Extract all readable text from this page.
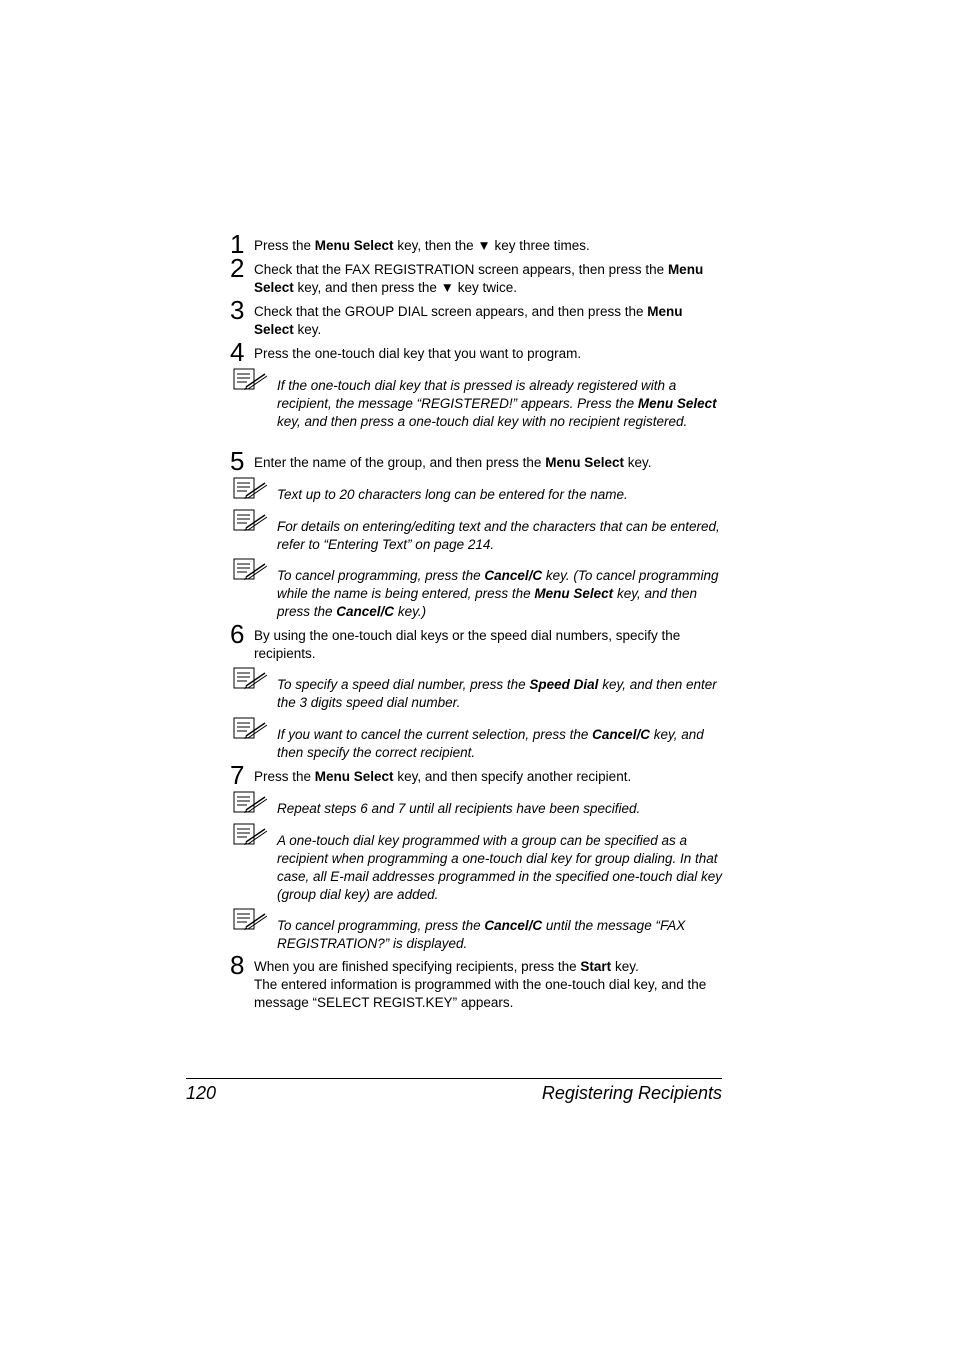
1 Press the Menu Select key, then the ▼ key three times.
2 Check that the FAX REGISTRATION screen appears, then press the Menu Select key, and then press the ▼ key twice.
3 Check that the GROUP DIAL screen appears, and then press the Menu Select key.
4 Press the one-touch dial key that you want to program.
If the one-touch dial key that is pressed is already registered with a recipient, the message “REGISTERED!” appears. Press the Menu Select key, and then press a one-touch dial key with no recipient registered.
5 Enter the name of the group, and then press the Menu Select key.
Text up to 20 characters long can be entered for the name.
For details on entering/editing text and the characters that can be entered, refer to “Entering Text” on page 214.
To cancel programming, press the Cancel/C key. (To cancel programming while the name is being entered, press the Menu Select key, and then press the Cancel/C key.)
6 By using the one-touch dial keys or the speed dial numbers, specify the recipients.
To specify a speed dial number, press the Speed Dial key, and then enter the 3 digits speed dial number.
If you want to cancel the current selection, press the Cancel/C key, and then specify the correct recipient.
7 Press the Menu Select key, and then specify another recipient.
Repeat steps 6 and 7 until all recipients have been specified.
A one-touch dial key programmed with a group can be specified as a recipient when programming a one-touch dial key for group dialing. In that case, all E-mail addresses programmed in the specified one-touch dial key (group dial key) are added.
To cancel programming, press the Cancel/C until the message “FAX REGISTRATION?” is displayed.
8 When you are finished specifying recipients, press the Start key.
The entered information is programmed with the one-touch dial key, and the message “SELECT REGIST.KEY” appears.
120	Registering Recipients
